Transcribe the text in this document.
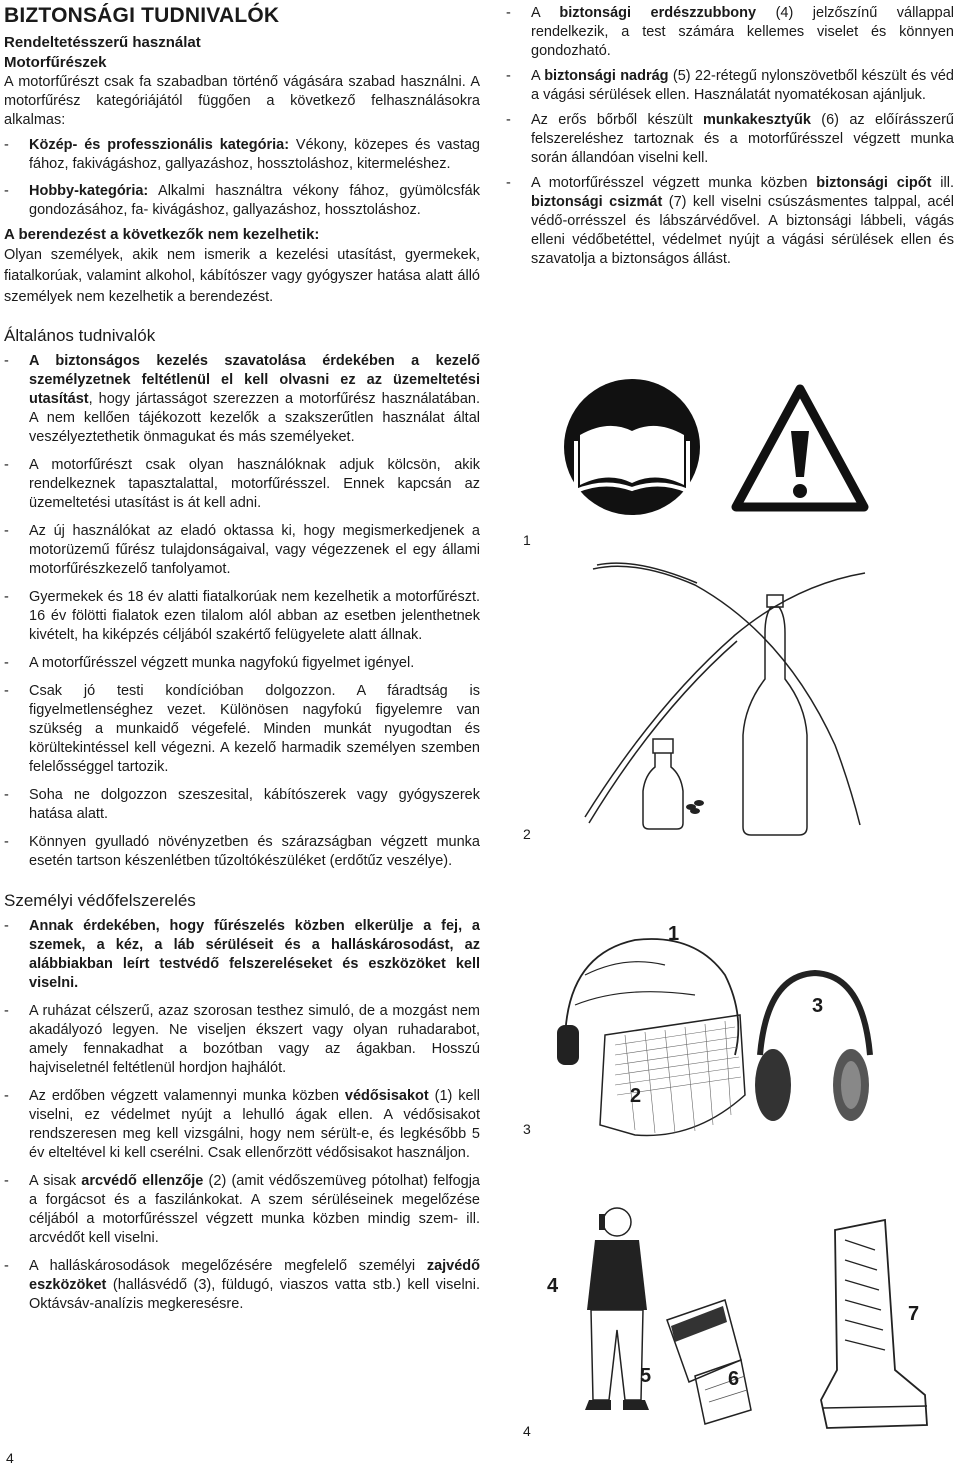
BIZTONSÁGI TUDNIVALÓK
Rendeltetésszerű használat
Motorfűrészek

A motorfűrészt csak fa szabadban történő vágására szabad használni. A motorfűrész kategóriájától függően a következő felhasználásokra alkalmas:

-	Közép- és professzionális kategória: Vékony, közepes és vastag fához, fakivágáshoz, gallyazáshoz, hossztoláshoz, kitermeléshez.
-	Hobby-kategória: Alkalmi használtra vékony fához, gyümölcsfák gondozásához, fa- kivágáshoz, gallyazáshoz, hossztoláshoz.
A berendezést a következők nem kezelhetik:

Olyan személyek, akik nem ismerik a kezelési utasítást, gyermekek, fiatalkorúak, valamint alkohol, kábítószer vagy gyógyszer hatása alatt álló személyek nem kezelhetik a berendezést.

Általános tudnivalók
-	A biztonságos kezelés szavatolása érdekében a kezelő személyzetnek feltétlenül el kell olvasni ez az üzemeltetési utasítást, hogy jártasságot szerezzen a motorfűrész használatában. A nem kellően tájékozott kezelők a szakszerűtlen használat által veszélyeztethetik önmagukat és más személyeket.
-	A motorfűrészt csak olyan használóknak adjuk kölcsön, akik rendelkeznek tapasztalattal, motorfűrésszel. Ennek kapcsán az üzemeltetési utasítást is át kell adni.
-	Az új használókat az eladó oktassa ki, hogy megismerkedjenek a motorüzemű fűrész tulajdonságaival, vagy végezzenek el egy állami motorfűrészkezelő tanfolyamot.
-	Gyermekek és 18 év alatti fiatalkorúak nem kezelhetik a motorfűrészt. 16 év fölötti fialatok ezen tilalom alól abban az esetben jelenthetnek kivételt, ha kiképzés céljából szakértő felügyelete alatt állnak.
-	A motorfűrésszel végzett munka nagyfokú figyelmet igényel.
-	Csak jó testi kondícióban dolgozzon. A fáradtság is figyelmetlenséghez vezet. Különösen nagyfokú figyelemre van szükség a munkaidő végefelé. Minden munkát nyugodtan és körültekintéssel kell végezni. A kezelő harmadik személyen szemben felelősséggel tartozik.
-	Soha ne dolgozzon szeszesital, kábítószerek vagy gyógyszerek hatása alatt.
-	Könnyen gyulladó növényzetben és szárazságban végzett munka esetén tartson készenlétben tűzoltókészüléket (erdőtűz veszélye).
Személyi védőfelszerelés
-	Annak érdekében, hogy fűrészelés közben elkerülje a fej, a szemek, a kéz, a láb sérüléseit és a halláskárosodást, az alábbiakban leírt testvédő felszereléseket és eszközöket kell viselni.
-	A ruházat célszerű, azaz szorosan testhez simuló, de a mozgást nem akadályozó legyen. Ne viseljen ékszert vagy olyan ruhadarabot, amely fennakadhat a bozótban vagy az ágakban. Hosszú hajviseletnél feltétlenül hordjon hajhálót.
-	Az erdőben végzett valamennyi munka közben védősisakot (1) kell viselni, ez védelmet nyújt a lehulló ágak ellen. A védősisakot rendszeresen meg kell vizsgálni, hogy nem sérült-e, és legkésőbb 5 év elteltével ki kell cserélni. Csak ellenőrzött védősisakot használjon.
-	A sisak arcvédő ellenzője (2) (amit védőszemüveg pótolhat) felfogja a forgácsot és a faszilánkokat. A szem sérüléseinek megelőzése céljából a motorfűrésszel végzett munka közben mindig szem- ill. arcvédőt kell viselni.
-	A halláskárosodások megelőzésére megfelelő személyi zajvédő eszközöket (hallásvédő (3), füldugó, viaszos vatta stb.) kell viselni. Oktávsáv-analízis megkeresésre.
-	A biztonsági erdészzubbony (4) jelzőszínű vállappal rendelkezik, a test számára kellemes viselet és könnyen gondozható.
-	A biztonsági nadrág (5) 22-rétegű nylonszövetből készült és véd a vágási sérülések ellen. Használatát nyomatékosan ajánljuk.
-	Az erős bőrből készült munkakesztyűk (6) az előírásszerű felszereléshez tartoznak és a motorfűrésszel végzett munka során állandóan viselni kell.
-	A motorfűrésszel végzett munka közben biztonsági cipőt ill. biztonsági csizmát (7) kell viselni csúszásmentes talppal, acél védő-orrésszel és lábszárvédővel. A biztonsági lábbeli, vágás elleni védőbetéttel, védelmet nyújt a vágási sérülések ellen és szavatolja a biztonságos állást.
1
2
1
2
3
3
4
5	6
7
4
4
